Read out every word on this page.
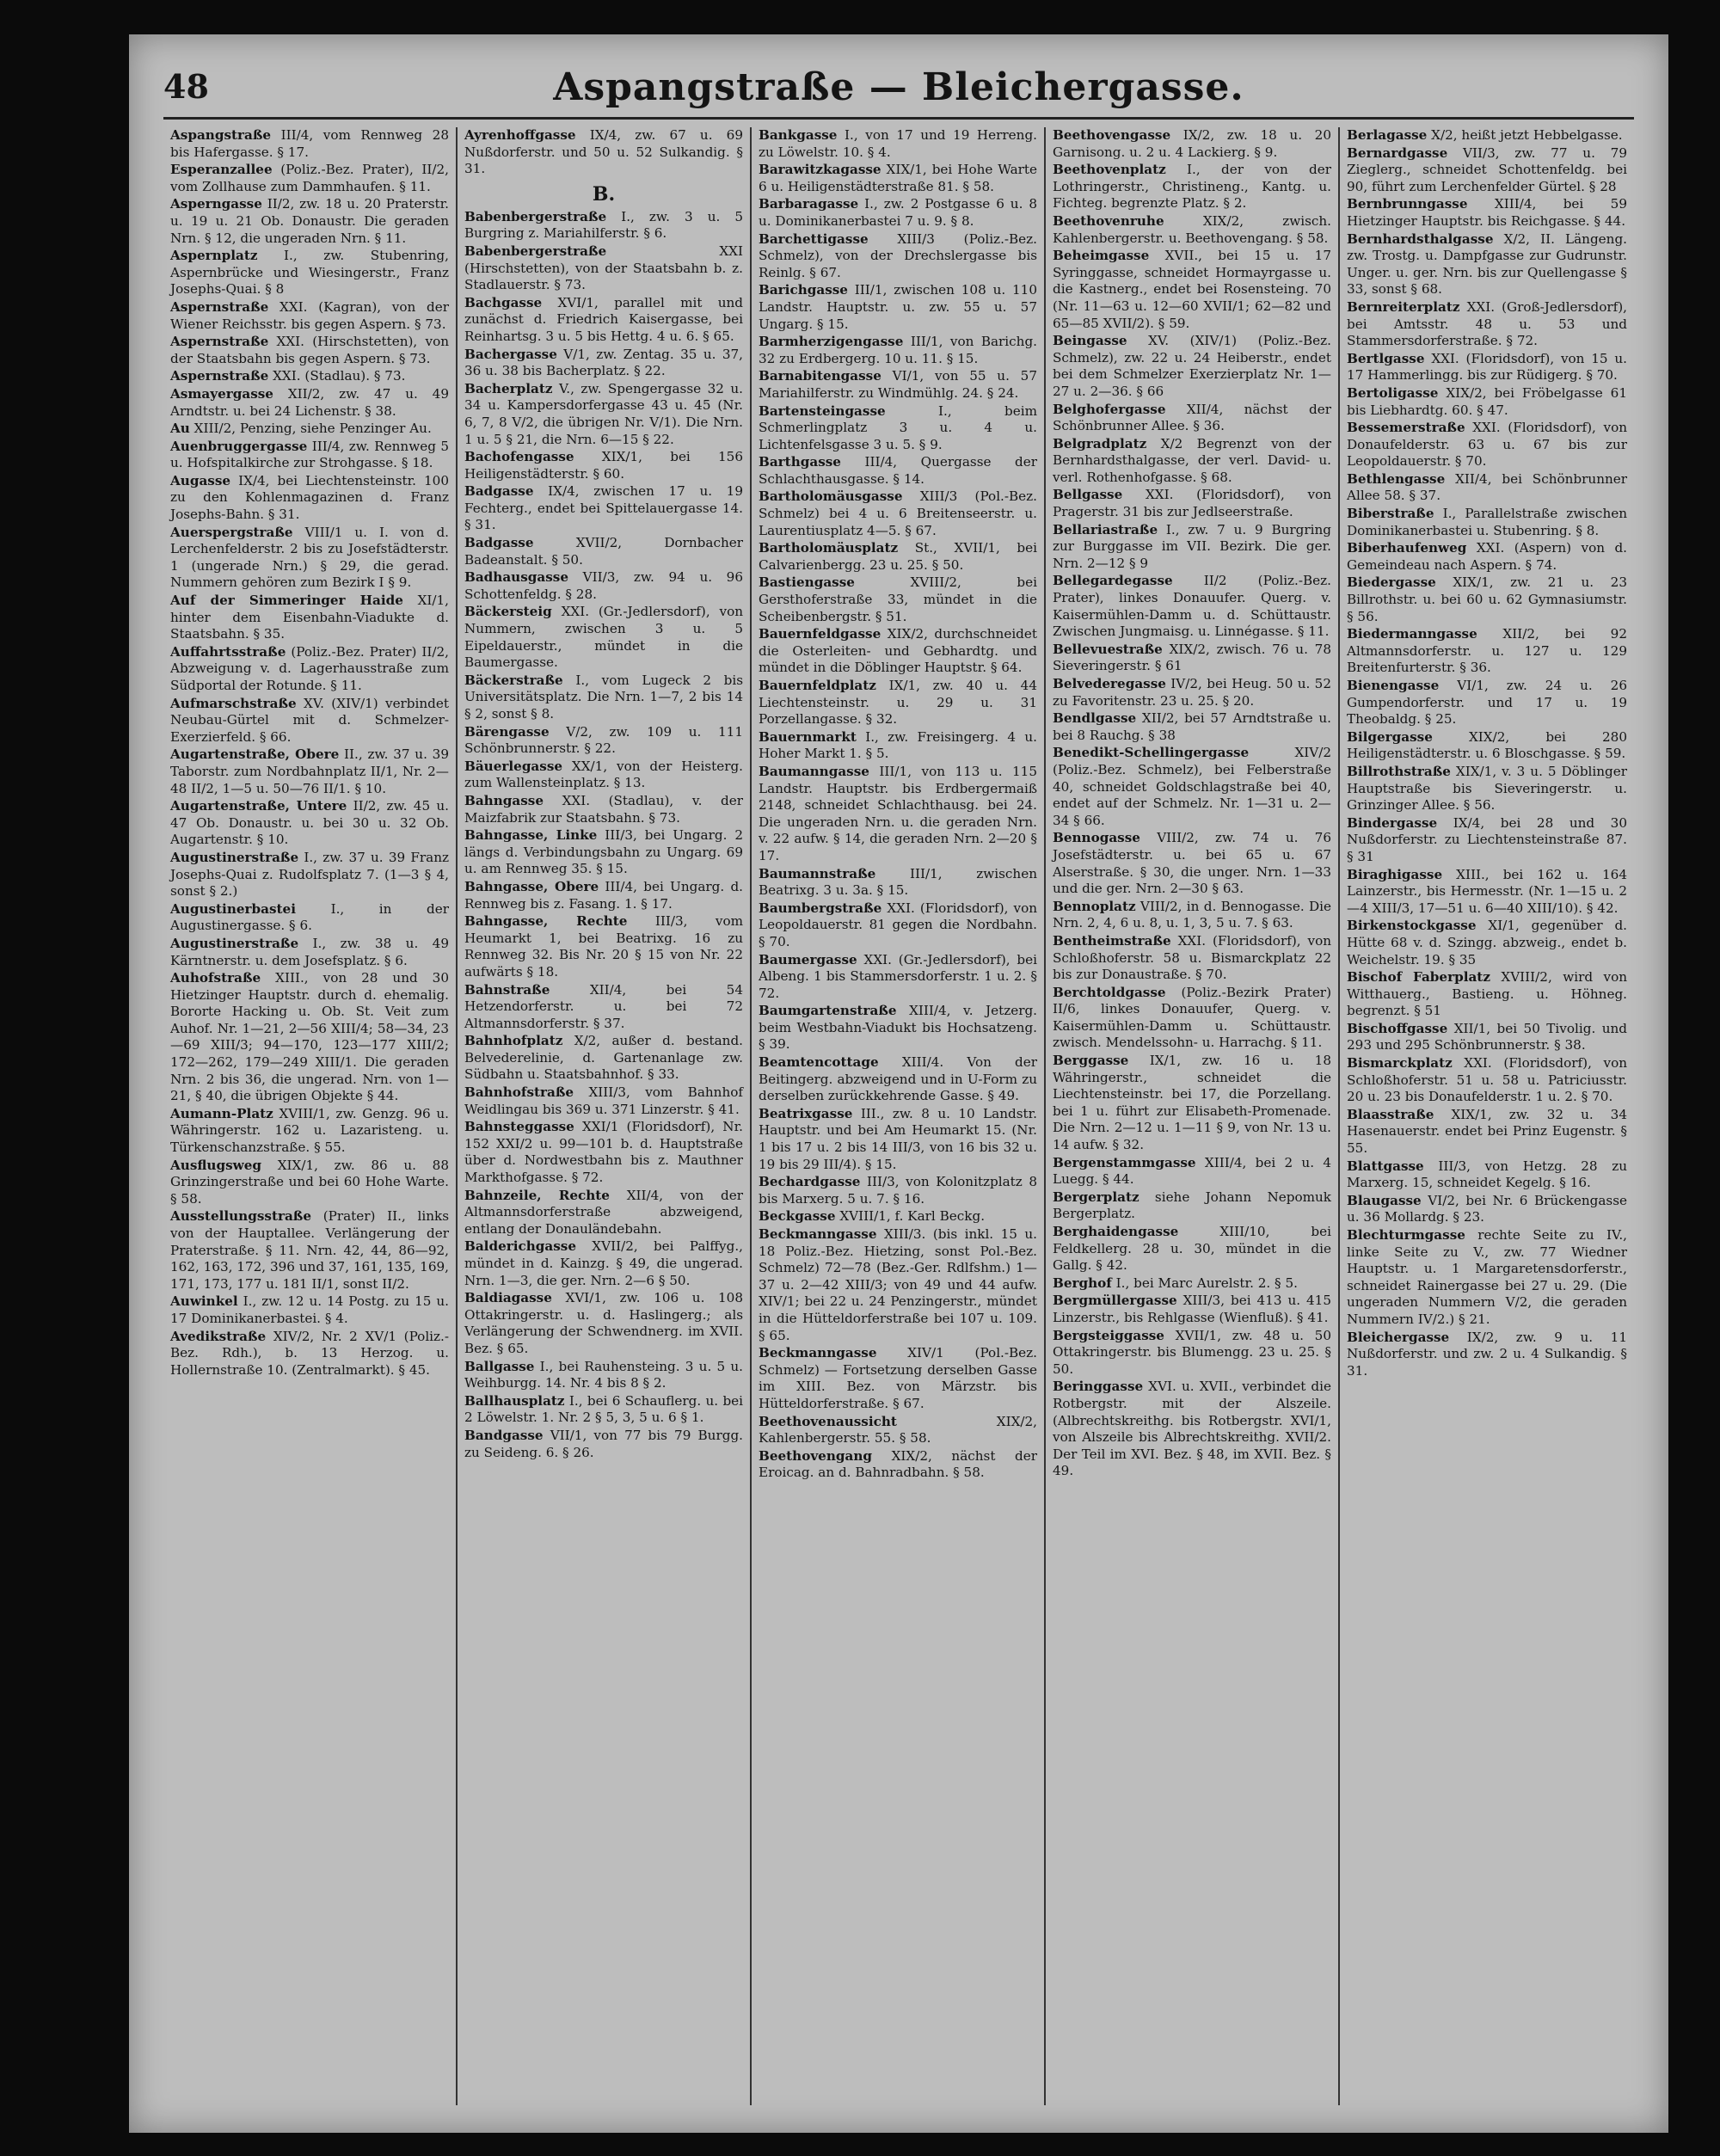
48	Aspangstraße — Bleichergasse.

Aspangstraße III/4, vom Rennweg 28 bis Hafergasse. § 17.

Esperanzallee (Poliz.-Bez. Prater), II/2, vom Zollhause zum Dammhaufen. § 11.

Asperngasse II/2, zw. 18 u. 20 Praterstr. u. 19 u. 21 Ob. Donaustr. Die geraden Nrn. § 12, die ungeraden Nrn. § 11.

Aspernplatz I., zw. Stubenring, Aspernbrücke und Wiesingerstr., Franz Josephs-Quai. § 8

Aspernstraße XXI. (Kagran), von der Wiener Reichsstr. bis gegen Aspern. § 73.

Aspernstraße XXI. (Hirschstetten), von der Staatsbahn bis gegen Aspern. § 73.

Aspernstraße XXI. (Stadlau). § 73.

Asmayergasse XII/2, zw. 47 u. 49 Arndtstr. u. bei 24 Lichenstr. § 38.

Au XIII/2, Penzing, siehe Penzinger Au.

Auenbruggergasse III/4, zw. Rennweg 5 u. Hofspitalkirche zur Strohgasse. § 18.

Augasse IX/4, bei Liechtensteinstr. 100 zu den Kohlenmagazinen d. Franz Josephs-Bahn. § 31.

Auerspergstraße VIII/1 u. I. von d. Lerchenfelderstr. 2 bis zu Josefstädterstr. 1 (ungerade Nrn.) § 29, die gerad. Nummern gehören zum Bezirk I § 9.

Auf der Simmeringer Haide XI/1, hinter dem Eisenbahn-Viadukte d. Staatsbahn. § 35.

Auffahrtsstraße (Poliz.-Bez. Prater) II/2, Abzweigung v. d. Lagerhausstraße zum Südportal der Rotunde. § 11.

Aufmarschstraße XV. (XIV/1) verbindet Neubau-Gürtel mit d. Schmelzer-Exerzierfeld. § 66.

Augartenstraße, Obere II., zw. 37 u. 39 Taborstr. zum Nordbahnplatz II/1, Nr. 2—48 II/2, 1—5 u. 50—76 II/1. § 10.

Augartenstraße, Untere II/2, zw. 45 u. 47 Ob. Donaustr. u. bei 30 u. 32 Ob. Augartenstr. § 10.

Augustinerstraße I., zw. 37 u. 39 Franz Josephs-Quai z. Rudolfsplatz 7. (1—3 § 4, sonst § 2.)

Augustinerbastei	I., in der Augustinergasse. § 6.

Augustinerstraße I., zw. 38 u. 49 Kärntnerstr. u. dem Josefsplatz. § 6.

Auhofstraße XIII., von 28 und 30 Hietzinger Hauptstr. durch d. ehemalig. Bororte Hacking u. Ob. St. Veit zum Auhof. Nr. 1—21, 2—56 XIII/4; 58—34, 23—69 XIII/3; 94—170, 123—177 XIII/2; 172—262, 179—249 XIII/1. Die geraden Nrn. 2 bis 36, die ungerad. Nrn. von 1—21, § 40, die übrigen Objekte § 44.

Aumann-Platz XVIII/1, zw. Genzg. 96 u. Währingerstr. 162 u. Lazaristeng. u. Türkenschanzstraße. § 55.

Ausflugsweg XIX/1, zw. 86 u. 88 Grinzingerstraße und bei 60 Hohe Warte. § 58.

Ausstellungsstraße (Prater) II., links von der Hauptallee. Verlängerung der Praterstraße. § 11. Nrn. 42, 44, 86—92, 162, 163, 172, 396 und 37, 161, 135, 169, 171, 173, 177 u. 181 II/1, sonst II/2.

Auwinkel I., zw. 12 u. 14 Postg. zu 15 u. 17 Dominikanerbastei. § 4.

Avedikstraße XIV/2, Nr. 2 XV/1 (Poliz.-Bez. Rdh.), b. 13 Herzog. u. Hollernstraße 10. (Zentralmarkt). § 45.

Ayrenhoffgasse IX/4, zw. 67 u. 69 Nußdorferstr. und 50 u. 52 Sulkandig. § 31.

B.

Babenbergerstraße I., zw. 3 u. 5 Burgring z. Mariahilferstr. § 6.

Babenbergerstraße	XXI (Hirschstetten), von der Staatsbahn b. z. Stadlauerstr. § 73.

Bachgasse XVI/1, parallel mit und zunächst d. Friedrich Kaisergasse, bei Reinhartsg. 3 u. 5 bis Hettg. 4 u. 6. § 65.

Bachergasse V/1, zw. Zentag. 35 u. 37, 36 u. 38 bis Bacherplatz. § 22.

Bacherplatz V., zw. Spengergasse 32 u. 34 u. Kampersdorfergasse 43 u. 45 (Nr. 6, 7, 8 V/2, die übrigen Nr. V/1). Die Nrn. 1 u. 5 § 21, die Nrn. 6—15 § 22.

Bachofengasse XIX/1, bei 156 Heiligenstädterstr. § 60.

Badgasse IX/4, zwischen 17 u. 19 Fechterg., endet bei Spittelauergasse 14. § 31.

Badgasse	XVII/2, Dornbacher Badeanstalt. § 50.

Badhausgasse VII/3, zw. 94 u. 96 Schottenfeldg. § 28.

Bäckersteig XXI. (Gr.-Jedlersdorf), von Nummern, zwischen 3 u. 5 Eipeldauerstr., mündet in die Baumergasse.

Bäckerstraße I., vom Lugeck 2 bis Universitätsplatz. Die Nrn. 1—7, 2 bis 14 § 2, sonst § 8.

Bärengasse V/2, zw. 109 u. 111 Schönbrunnerstr. § 22.

Bäuerlegasse XX/1, von der Heisterg. zum Wallensteinplatz. § 13.

Bahngasse XXI. (Stadlau), v. der Maizfabrik zur Staatsbahn. § 73.

Bahngasse, Linke III/3, bei Ungarg. 2 längs d. Verbindungsbahn zu Ungarg. 69 u. am Rennweg 35. § 15.

Bahngasse, Obere III/4, bei Ungarg. d. Rennweg bis z. Fasang. 1. § 17.

Bahngasse, Rechte III/3, vom Heumarkt 1, bei Beatrixg. 16 zu Rennweg 32. Bis Nr. 20 § 15 von Nr. 22 aufwärts § 18.

Bahnstraße	XII/4, bei 54 Hetzendorferstr. u. bei 72 Altmannsdorferstr. § 37.

Bahnhofplatz X/2, außer d. bestand. Belvederelinie, d. Gartenanlage zw. Südbahn u. Staatsbahnhof. § 33.

Bahnhofstraße XIII/3, vom Bahnhof Weidlingau bis 369 u. 371 Linzerstr. § 41.

Bahnsteggasse XXI/1 (Floridsdorf), Nr. 152 XXI/2 u. 99—101 b. d. Hauptstraße über d. Nordwestbahn bis z. Mauthner Markthofgasse. § 72.

Bahnzeile, Rechte XII/4, von der Altmannsdorferstraße abzweigend, entlang der Donauländebahn.

Balderichgasse XVII/2, bei Palffyg., mündet in d. Kainzg. § 49, die ungerad. Nrn. 1—3, die ger. Nrn. 2—6 § 50.

Baldiagasse XVI/1, zw. 106 u. 108 Ottakringerstr. u. d. Haslingerg.; als Verlängerung der Schwendnerg. im XVII. Bez. § 65.

Ballgasse I., bei Rauhensteing. 3 u. 5 u. Weihburgg. 14. Nr. 4 bis 8 § 2.

Ballhausplatz I., bei 6 Schauflerg. u. bei 2 Löwelstr. 1. Nr. 2 § 5, 3, 5 u. 6 § 1.

Bandgasse VII/1, von 77 bis 79 Burgg. zu Seideng. 6. § 26.

Bankgasse I., von 17 und 19 Herreng. zu Löwelstr. 10. § 4.

Barawitzkagasse XIX/1, bei Hohe Warte 6 u. Heiligenstädterstraße 81. § 58.

Barbaragasse I., zw. 2 Postgasse 6 u. 8 u. Dominikanerbastei 7 u. 9. § 8.

Barchettigasse XIII/3 (Poliz.-Bez. Schmelz), von der Drechslergasse bis Reinlg. § 67.

Barichgasse III/1, zwischen 108 u. 110 Landstr. Hauptstr. u. zw. 55 u. 57 Ungarg. § 15.

Barmherzigengasse III/1, von Barichg. 32 zu Erdbergerg. 10 u. 11. § 15.

Barnabitengasse VI/1, von 55 u. 57 Mariahilferstr. zu Windmühlg. 24. § 24.

Bartensteingasse	I., beim Schmerlingplatz 3 u. 4 u. Lichtenfelsgasse 3 u. 5. § 9.

Barthgasse III/4, Quergasse der Schlachthausgasse. § 14.

Bartholomäusgasse XIII/3 (Pol.-Bez. Schmelz) bei 4 u. 6 Breitenseerstr. u. Laurentiusplatz 4—5. § 67.

Bartholomäusplatz St., XVII/1, bei Calvarienbergg. 23 u. 25. § 50.

Bastiengasse	XVIII/2, bei Gersthoferstraße 33, mündet in die Scheibenbergstr. § 51.

Bauernfeldgasse XIX/2, durchschneidet die Osterleiten- und Gebhardtg. und mündet in die Döblinger Hauptstr. § 64.

Bauernfeldplatz IX/1, zw. 40 u. 44 Liechtensteinstr. u. 29 u. 31 Porzellangasse. § 32.

Bauernmarkt I., zw. Freisingerg. 4 u. Hoher Markt 1. § 5.

Baumanngasse III/1, von 113 u. 115 Landstr. Hauptstr. bis Erdbergermaiß 2148, schneidet Schlachthausg. bei 24. Die ungeraden Nrn. u. die geraden Nrn. v. 22 aufw. § 14, die geraden Nrn. 2—20 § 17.

Baumannstraße	III/1, zwischen Beatrixg. 3 u. 3a. § 15.

Baumbergstraße XXI. (Floridsdorf), von Leopoldauerstr. 81 gegen die Nordbahn. § 70.

Baumergasse XXI. (Gr.-Jedlersdorf), bei Albeng. 1 bis Stammersdorferstr. 1 u. 2. § 72.

Baumgartenstraße XIII/4, v. Jetzerg. beim Westbahn-Viadukt bis Hochsatzeng. § 39.

Beamtencottage XIII/4. Von der Beitingerg. abzweigend und in U-Form zu derselben zurückkehrende Gasse. § 49.

Beatrixgasse III., zw. 8 u. 10 Landstr. Hauptstr. und bei Am Heumarkt 15. (Nr. 1 bis 17 u. 2 bis 14 III/3, von 16 bis 32 u. 19 bis 29 III/4). § 15.

Bechardgasse III/3, von Kolonitzplatz 8 bis Marxerg. 5 u. 7. § 16.

Beckgasse XVIII/1, f. Karl Beckg.

Beckmanngasse XIII/3. (bis inkl. 15 u. 18 Poliz.-Bez. Hietzing, sonst Pol.-Bez. Schmelz) 72—78 (Bez.-Ger. Rdlfshm.) 1—37 u. 2—42 XIII/3; von 49 und 44 aufw. XIV/1; bei 22 u. 24 Penzingerstr., mündet in die Hütteldorferstraße bei 107 u. 109. § 65.

Beckmanngasse XIV/1 (Pol.-Bez. Schmelz) — Fortsetzung derselben Gasse im XIII. Bez. von Märzstr. bis Hütteldorferstraße. § 67.

Beethovenaussicht	XIX/2, Kahlenbergerstr. 55. § 58.

Beethovengang XIX/2, nächst der Eroicag. an d. Bahnradbahn. § 58.

Beethovengasse IX/2, zw. 18 u. 20 Garnisong. u. 2 u. 4 Lackierg. § 9.

Beethovenplatz I., der von der Lothringerstr., Christineng., Kantg. u. Fichteg. begrenzte Platz. § 2.

Beethovenruhe	XIX/2, zwisch. Kahlenbergerstr. u. Beethovengang. § 58.

Beheimgasse XVII., bei 15 u. 17 Syringgasse, schneidet Hormayrgasse u. die Kastnerg., endet bei Rosensteing. 70 (Nr. 11—63 u. 12—60 XVII/1; 62—82 und 65—85 XVII/2). § 59.

Beingasse XV. (XIV/1) (Poliz.-Bez. Schmelz), zw. 22 u. 24 Heiberstr., endet bei dem Schmelzer Exerzierplatz Nr. 1—27 u. 2—36. § 66

Belghofergasse XII/4, nächst der Schönbrunner Allee. § 36.

Belgradplatz X/2 Begrenzt von der Bernhardsthalgasse, der verl. David- u. verl. Rothenhofgasse. § 68.

Bellgasse XXI. (Floridsdorf), von Pragerstr. 31 bis zur Jedlseerstraße.

Bellariastraße I., zw. 7 u. 9 Burgring zur Burggasse im VII. Bezirk. Die ger. Nrn. 2—12 § 9

Bellegardegasse II/2 (Poliz.-Bez. Prater), linkes Donauufer. Querg. v. Kaisermühlen-Damm u. d. Schüttaustr. Zwischen Jungmaisg. u. Linnégasse. § 11.

Bellevuestraße XIX/2, zwisch. 76 u. 78 Sieveringerstr. § 61

Belvederegasse IV/2, bei Heug. 50 u. 52 zu Favoritenstr. 23 u. 25. § 20.

Bendlgasse XII/2, bei 57 Arndtstraße u. bei 8 Rauchg. § 38

Benedikt-Schellingergasse	XIV/2 (Poliz.-Bez. Schmelz), bei Felberstraße 40, schneidet Goldschlagstraße bei 40, endet auf der Schmelz. Nr. 1—31 u. 2—34 § 66.

Bennogasse VIII/2, zw. 74 u. 76 Josefstädterstr. u. bei 65 u. 67 Alserstraße. § 30, die unger. Nrn. 1—33 und die ger. Nrn. 2—30 § 63.

Bennoplatz VIII/2, in d. Bennogasse. Die Nrn. 2, 4, 6 u. 8, u. 1, 3, 5 u. 7. § 63.

Bentheimstraße XXI. (Floridsdorf), von Schloßhoferstr. 58 u. Bismarckplatz 22 bis zur Donaustraße. § 70.

Berchtoldgasse (Poliz.-Bezirk Prater) II/6, linkes Donauufer, Querg. v. Kaisermühlen-Damm u. Schüttaustr. zwisch. Mendelssohn- u. Harrachg. § 11.

Berggasse IX/1, zw. 16 u. 18 Währingerstr., schneidet die Liechtensteinstr. bei 17, die Porzellang. bei 1 u. führt zur Elisabeth-Promenade. Die Nrn. 2—12 u. 1—11 § 9, von Nr. 13 u. 14 aufw. § 32.

Bergenstammgasse XIII/4, bei 2 u. 4 Luegg. § 44.

Bergerplatz siehe Johann Nepomuk Bergerplatz.

Berghaidengasse	XIII/10, bei Feldkellerg. 28 u. 30, mündet in die Gallg. § 42.

Berghof I., bei Marc Aurelstr. 2. § 5.

Bergmüllergasse XIII/3, bei 413 u. 415 Linzerstr., bis Rehlgasse (Wienfluß). § 41.

Bergsteiggasse XVII/1, zw. 48 u. 50 Ottakringerstr. bis Blumengg. 23 u. 25. § 50.

Beringgasse XVI. u. XVII., verbindet die Rotbergstr. mit der Alszeile. (Albrechtskreithg. bis Rotbergstr. XVI/1, von Alszeile bis Albrechtskreithg. XVII/2. Der Teil im XVI. Bez. § 48, im XVII. Bez. § 49.

Berlagasse X/2, heißt jetzt Hebbelgasse.

Bernardgasse VII/3, zw. 77 u. 79 Zieglerg., schneidet Schottenfeldg. bei 90, führt zum Lerchenfelder Gürtel. § 28

Bernbrunngasse XIII/4, bei 59 Hietzinger Hauptstr. bis Reichgasse. § 44.

Bernhardsthalgasse X/2, II. Längeng. zw. Trostg. u. Dampfgasse zur Gudrunstr. Unger. u. ger. Nrn. bis zur Quellengasse § 33, sonst § 68.

Bernreiterplatz XXI. (Groß-Jedlersdorf), bei Amtsstr. 48 u. 53 und Stammersdorferstraße. § 72.

Bertlgasse XXI. (Floridsdorf), von 15 u. 17 Hammerlingg. bis zur Rüdigerg. § 70.

Bertoligasse XIX/2, bei Fröbelgasse 61 bis Liebhardtg. 60. § 47.

Bessemerstraße XXI. (Floridsdorf), von Donaufelderstr. 63 u. 67 bis zur Leopoldauerstr. § 70.

Bethlengasse XII/4, bei Schönbrunner Allee 58. § 37.

Biberstraße I., Parallelstraße zwischen Dominikanerbastei u. Stubenring. § 8.

Biberhaufenweg XXI. (Aspern) von d. Gemeindeau nach Aspern. § 74.

Biedergasse XIX/1, zw. 21 u. 23 Billrothstr. u. bei 60 u. 62 Gymnasiumstr. § 56.

Biedermanngasse XII/2, bei 92 Altmannsdorferstr. u. 127 u. 129 Breitenfurterstr. § 36.

Bienengasse VI/1, zw. 24 u. 26 Gumpendorferstr. und 17 u. 19 Theobaldg. § 25.

Bilgergasse	XIX/2, bei 280 Heiligenstädterstr. u. 6 Bloschgasse. § 59.

Billrothstraße XIX/1, v. 3 u. 5 Döblinger Hauptstraße bis Sieveringerstr. u. Grinzinger Allee. § 56.

Bindergasse IX/4, bei 28 und 30 Nußdorferstr. zu Liechtensteinstraße 87. § 31

Biraghigasse XIII., bei 162 u. 164 Lainzerstr., bis Hermesstr. (Nr. 1—15 u. 2—4 XIII/3, 17—51 u. 6—40 XIII/10). § 42.

Birkenstockgasse XI/1, gegenüber d. Hütte 68 v. d. Szingg. abzweig., endet b. Weichelstr. 19. § 35

Bischof Faberplatz XVIII/2, wird von Witthauerg., Bastieng. u. Höhneg. begrenzt. § 51

Bischoffgasse XII/1, bei 50 Tivolig. und 293 und 295 Schönbrunnerstr. § 38.

Bismarckplatz XXI. (Floridsdorf), von Schloßhoferstr. 51 u. 58 u. Patriciusstr. 20 u. 23 bis Donaufelderstr. 1 u. 2. § 70.

Blaasstraße XIX/1, zw. 32 u. 34 Hasenauerstr. endet bei Prinz Eugenstr. § 55.

Blattgasse III/3, von Hetzg. 28 zu Marxerg. 15, schneidet Kegelg. § 16.

Blaugasse VI/2, bei Nr. 6 Brückengasse u. 36 Mollardg. § 23.

Blechturmgasse rechte Seite zu IV., linke Seite zu V., zw. 77 Wiedner Hauptstr. u. 1 Margaretensdorferstr., schneidet Rainergasse bei 27 u. 29. (Die ungeraden Nummern V/2, die geraden Nummern IV/2.) § 21.

Bleichergasse IX/2, zw. 9 u. 11 Nußdorferstr. und zw. 2 u. 4 Sulkandig. § 31.
